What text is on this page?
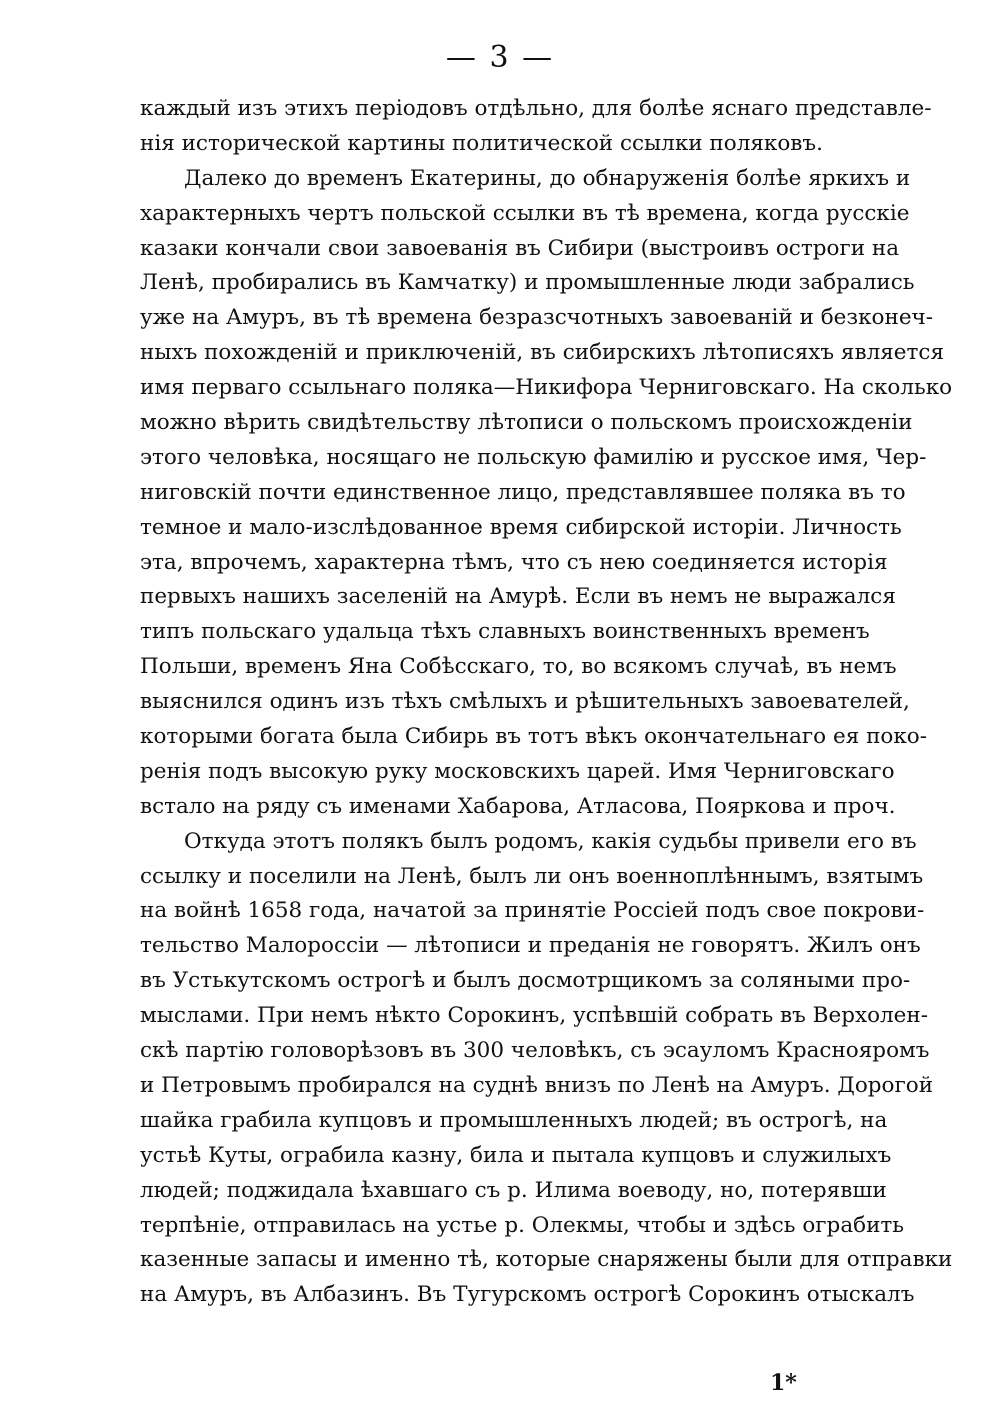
— 3 —
каждый изъ этихъ періодовъ отдѣльно, для болѣе яснаго представле-
нія исторической картины политической ссылки поляковъ.
Далеко до временъ Екатерины, до обнаруженія болѣе яркихъ и
характерныхъ чертъ польской ссылки въ тѣ времена, когда русскіе
казаки кончали свои завоеванія въ Сибири (выстроивъ остроги на
Ленѣ, пробирались въ Камчатку) и промышленные люди забрались
уже на Амуръ, въ тѣ времена безразсчотныхъ завоеваній и безконеч-
ныхъ похожденій и приключеній, въ сибирскихъ лѣтописяхъ является
имя перваго ссыльнаго поляка—Никифора Черниговскаго. На сколько
можно вѣрить свидѣтельству лѣтописи о польскомъ происхожденіи
этого человѣка, носящаго не польскую фамилію и русское имя, Чер-
ниговскій почти единственное лицо, представлявшее поляка въ то
темное и мало-изслѣдованное время сибирской исторіи. Личность
эта, впрочемъ, характерна тѣмъ, что съ нею соединяется исторія
первыхъ нашихъ заселеній на Амурѣ. Если въ немъ не выражался
типъ польскаго удальца тѣхъ славныхъ воинственныхъ временъ
Польши, временъ Яна Собѣсскаго, то, во всякомъ случаѣ, въ немъ
выяснился одинъ изъ тѣхъ смѣлыхъ и рѣшительныхъ завоевателей,
которыми богата была Сибирь въ тотъ вѣкъ окончательнаго ея поко-
ренія подъ высокую руку московскихъ царей. Имя Черниговскаго
встало на ряду съ именами Хабарова, Атласова, Пояркова и проч.
Откуда этотъ полякъ былъ родомъ, какія судьбы привели его въ
ссылку и поселили на Ленѣ, былъ ли онъ военноплѣннымъ, взятымъ
на войнѣ 1658 года, начатой за принятіе Россіей подъ свое покрови-
тельство Малороссіи — лѣтописи и преданія не говорятъ. Жилъ онъ
въ Устькутскомъ острогѣ и былъ досмотрщикомъ за соляными про-
мыслами. При немъ нѣкто Сорокинъ, успѣвшій собрать въ Верхолен-
скѣ партію головорѣзовъ въ 300 человѣкъ, съ эсауломъ Краснояромъ
и Петровымъ пробирался на суднѣ внизъ по Ленѣ на Амуръ. Дорогой
шайка грабила купцовъ и промышленныхъ людей; въ острогѣ, на
устьѣ Куты, ограбила казну, била и пытала купцовъ и служилыхъ
людей; поджидала ѣхавшаго съ р. Илима воеводу, но, потерявши
терпѣніе, отправилась на устье р. Олекмы, чтобы и здѣсь ограбить
казенные запасы и именно тѣ, которые снаряжены были для отправки
на Амуръ, въ Албазинъ. Въ Тугурскомъ острогѣ Сорокинъ отыскалъ
1*
